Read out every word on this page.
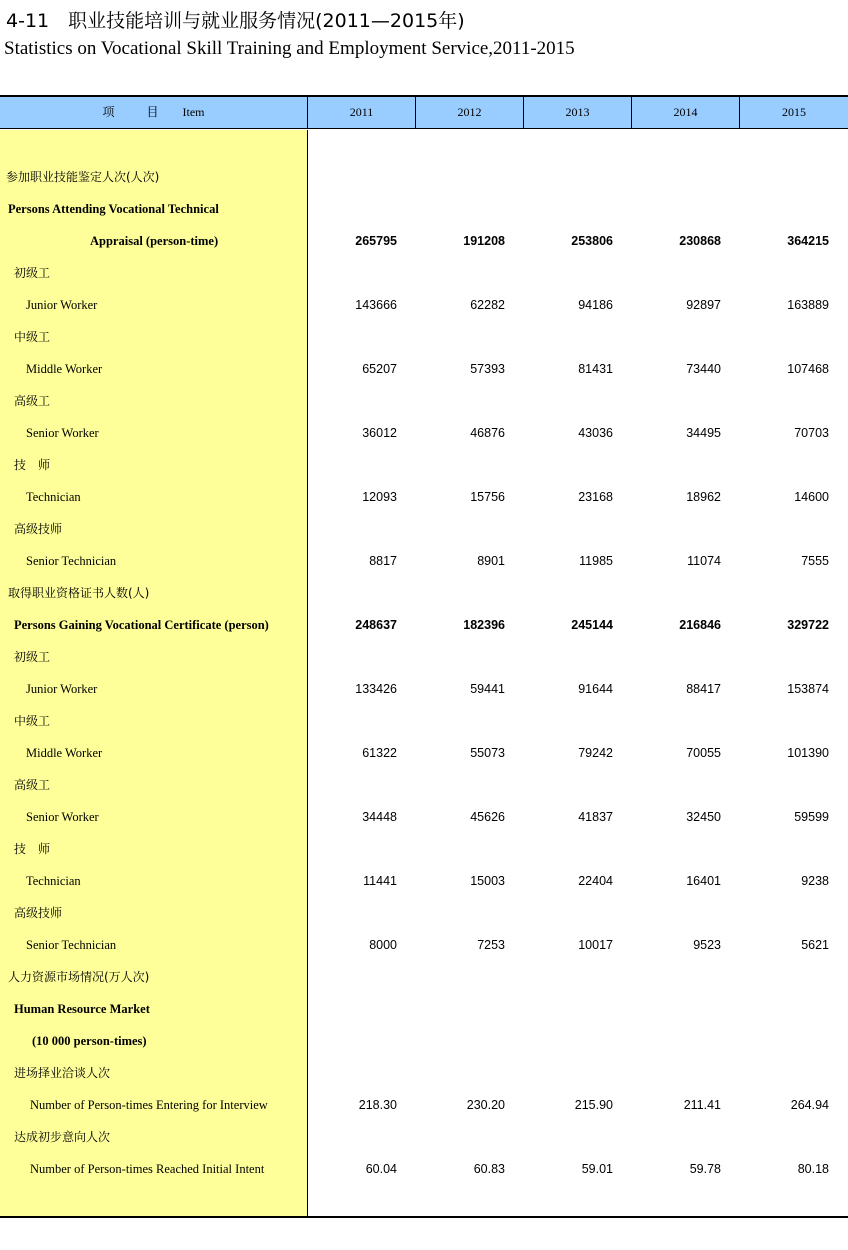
4-11　职业技能培训与就业服务情况(2011—2015年)
Statistics on Vocational Skill Training and Employment Service,2011-2015
项　目 Item	2011	2012	2013	2014	2015
参加职业技能鉴定人次(人次)
Persons Attending Vocational Technical
Appraisal (person-time)	265795	191208	253806	230868	364215
初级工
Junior Worker	143666	62282	94186	92897	163889
中级工
Middle Worker	65207	57393	81431	73440	107468
高级工
Senior Worker	36012	46876	43036	34495	70703
技　师
Technician	12093	15756	23168	18962	14600
高级技师
Senior Technician	8817	8901	11985	11074	7555
取得职业资格证书人数(人)
Persons Gaining Vocational Certificate (person)	248637	182396	245144	216846	329722
初级工
Junior Worker	133426	59441	91644	88417	153874
中级工
Middle Worker	61322	55073	79242	70055	101390
高级工
Senior Worker	34448	45626	41837	32450	59599
技　师
Technician	11441	15003	22404	16401	9238
高级技师
Senior Technician	8000	7253	10017	9523	5621
人力资源市场情况(万人次)
Human Resource Market
(10 000 person-times)
进场择业洽谈人次
Number of Person-times Entering for Interview	218.30	230.20	215.90	211.41	264.94
达成初步意向人次
Number of Person-times Reached Initial Intent	60.04	60.83	59.01	59.78	80.18
